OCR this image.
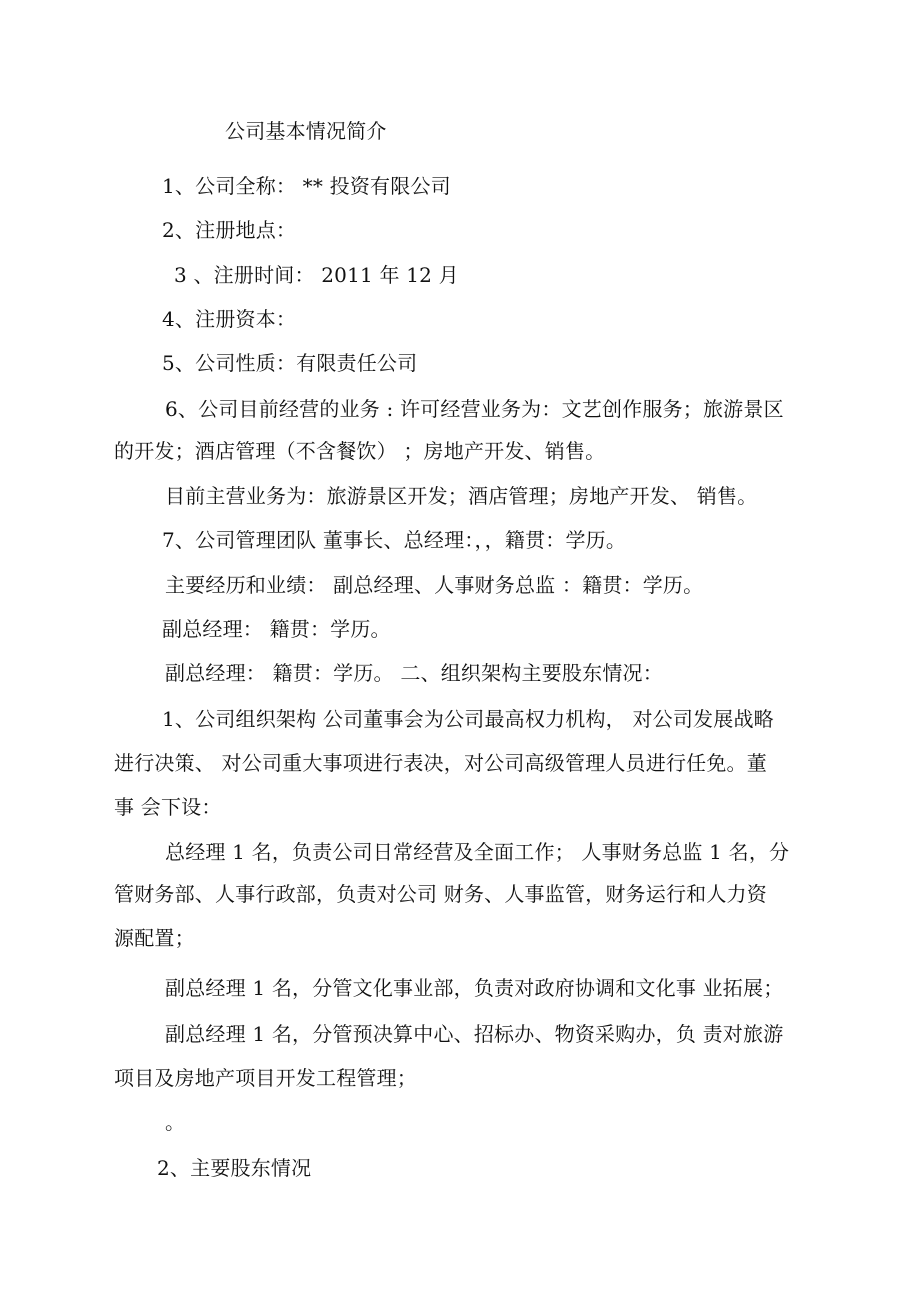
公司基本情况简介
1、公司全称： ** 投资有限公司
2、注册地点：
3 、注册时间： 2011 年 12 月
4、注册资本：
5、公司性质：有限责任公司
6、公司目前经营的业务 : 许可经营业务为：文艺创作服务；旅游景区
的开发；酒店管理（不含餐饮） ；房地产开发、销售。
目前主营业务为：旅游景区开发；酒店管理；房地产开发、 销售。
7、公司管理团队 董事长、总经理：，，籍贯：学历。
主要经历和业绩： 副总经理、人事财务总监 ：籍贯：学历。
副总经理： 籍贯：学历。
副总经理： 籍贯：学历。 二、组织架构主要股东情况：
1、公司组织架构 公司董事会为公司最高权力机构， 对公司发展战略
进行决策、 对公司重大事项进行表决，对公司高级管理人员进行任免。董
事 会下设：
总经理 1 名，负责公司日常经营及全面工作； 人事财务总监 1 名，分
管财务部、人事行政部，负责对公司 财务、人事监管，财务运行和人力资
源配置；
副总经理 1 名，分管文化事业部，负责对政府协调和文化事 业拓展；
副总经理 1 名，分管预决算中心、招标办、物资采购办，负 责对旅游
项目及房地产项目开发工程管理；
。
2、主要股东情况
